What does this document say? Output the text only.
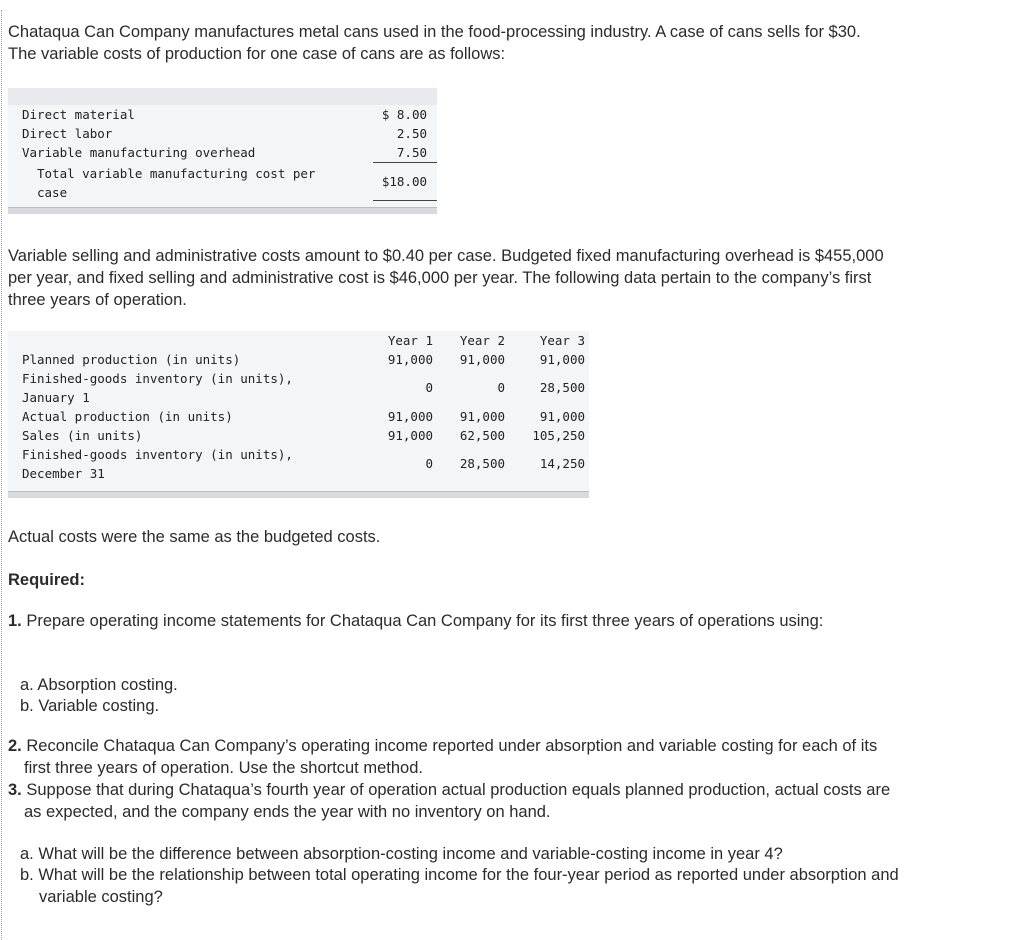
Chataqua Can Company manufactures metal cans used in the food-processing industry. A case of cans sells for $30. The variable costs of production for one case of cans are as follows:

Direct material	$ 8.00
Direct labor	2.50
Variable manufacturing overhead	7.50
Total variable manufacturing cost per
case
$18.00

Variable selling and administrative costs amount to $0.40 per case. Budgeted fixed manufacturing overhead is $455,000 per year, and fixed selling and administrative cost is $46,000 per year. The following data pertain to the company’s first three years of operation.

Year 1 Year 2	Year 3
Planned production (in units)	91,000 91,000	91,000
Finished-goods inventory (in units),
January 1
0	0	28,500
Actual production (in units)	91,000 91,000	91,000
Sales (in units)	91,000 62,500 105,250
Finished-goods inventory (in units),
December 31
0 28,500	14,250

Actual costs were the same as the budgeted costs.

Required:

1. Prepare operating income statements for Chataqua Can Company for its first three years of operations using:

a. Absorption costing.

b. Variable costing.

2. Reconcile Chataqua Can Company’s operating income reported under absorption and variable costing for each of its first three years of operation. Use the shortcut method.

3. Suppose that during Chataqua’s fourth year of operation actual production equals planned production, actual costs are as expected, and the company ends the year with no inventory on hand.

a. What will be the difference between absorption-costing income and variable-costing income in year 4?

b. What will be the relationship between total operating income for the four-year period as reported under absorption and variable costing?
